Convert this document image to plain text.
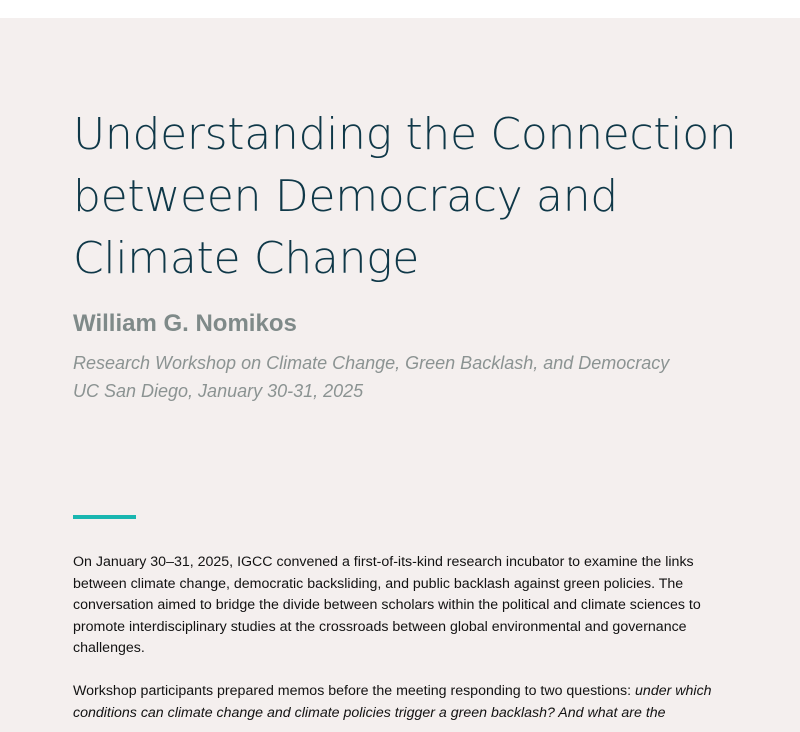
Understanding the Connection between Democracy and Climate Change
William G. Nomikos

Research Workshop on Climate Change, Green Backlash, and Democracy

UC San Diego, January 30-31, 2025

On January 30–31, 2025, IGCC convened a first-of-its-kind research incubator to examine the links between climate change, democratic backsliding, and public backlash against green policies. The conversation aimed to bridge the divide between scholars within the political and climate sciences to promote interdisciplinary studies at the crossroads between global environmental and governance challenges.

Workshop participants prepared memos before the meeting responding to two questions: under which conditions can climate change and climate policies trigger a green backlash? And what are the
